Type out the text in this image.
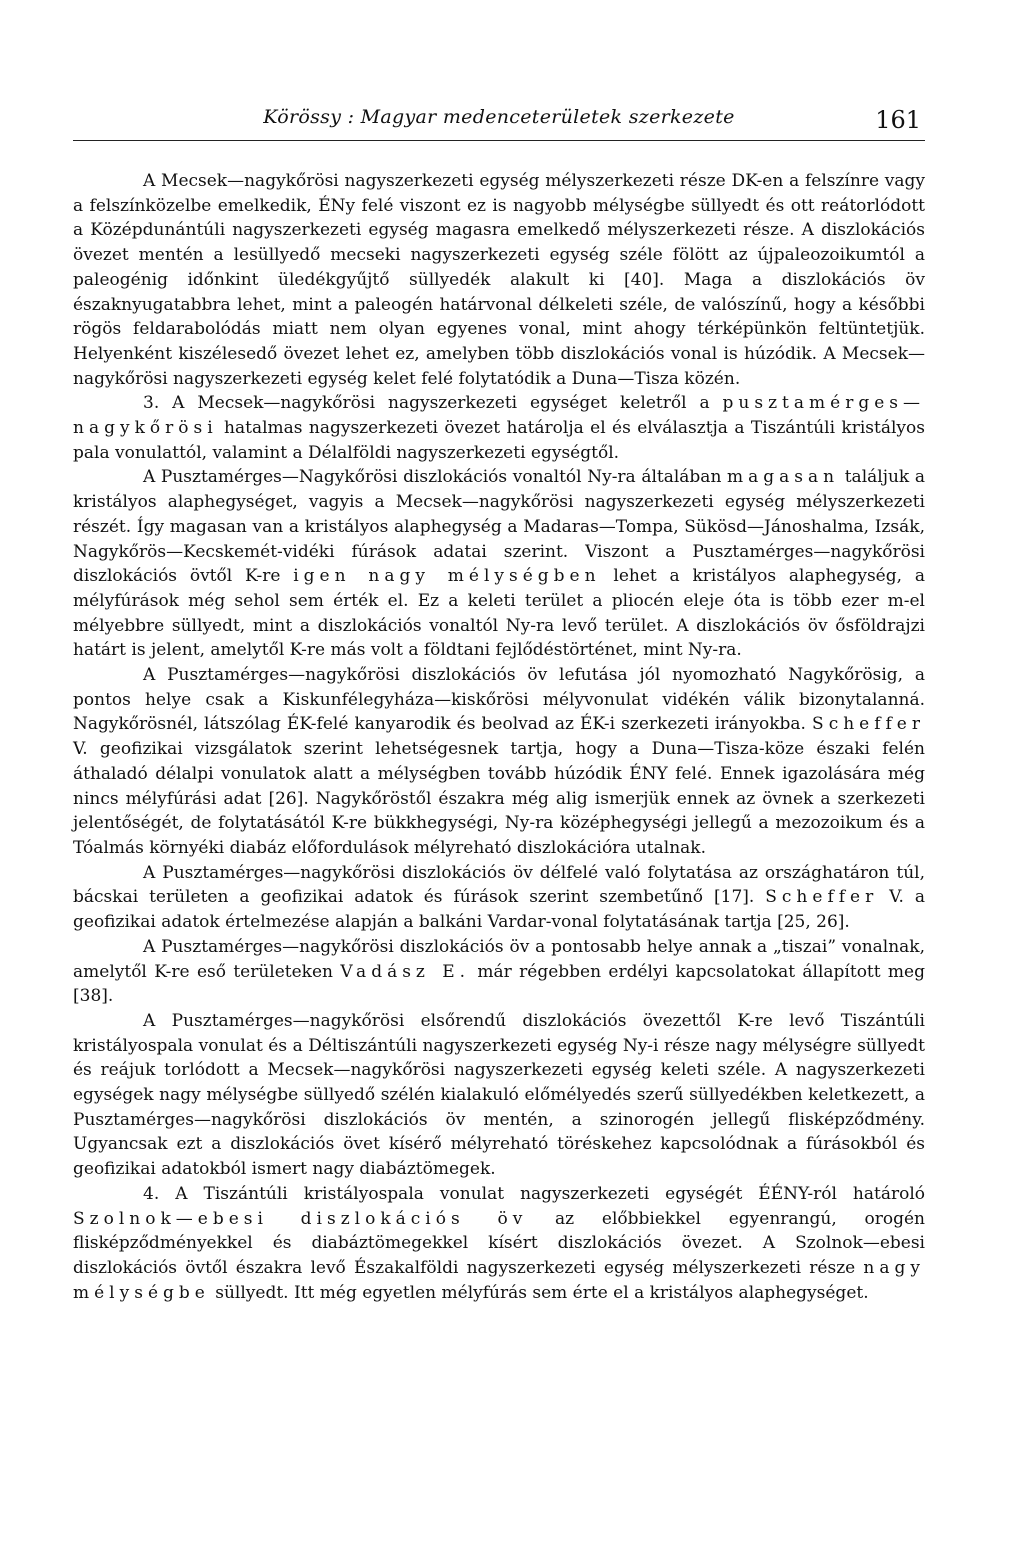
Körössy : Magyar medenceterületek szerkezete	161

A Mecsek—nagykőrösi nagyszerkezeti egység mélyszerkezeti része DK-en a felszínre vagy a felszínközelbe emelkedik, ÉNy felé viszont ez is nagyobb mélységbe süllyedt és ott reátorlódott a Középdunántúli nagyszerkezeti egység magasra emelkedő mélyszerkezeti része. A diszlokációs övezet mentén a lesüllyedő mecseki nagyszerkezeti egység széle fölött az újpaleozoikumtól a paleogénig időnkint üledékgyűjtő süllyedék alakult ki [40]. Maga a diszlokációs öv északnyugatabbra lehet, mint a paleogén határvonal délkeleti széle, de valószínű, hogy a későbbi rögös feldarabolódás miatt nem olyan egyenes vonal, mint ahogy térképünkön feltüntetjük. Helyenként kiszélesedő övezet lehet ez, amelyben több diszlokációs vonal is húzódik. A Mecsek—nagykőrösi nagyszerkezeti egység kelet felé folytatódik a Duna—Tisza közén.

3. A Mecsek—nagykőrösi nagyszerkezeti egységet keletről a pusztamérges—nagykőrösi hatalmas nagyszerkezeti övezet határolja el és elválasztja a Tiszántúli kristályos pala vonulattól, valamint a Délalföldi nagyszerkezeti egységtől.

A Pusztamérges—Nagykőrösi diszlokációs vonaltól Ny-ra általában magasan találjuk a kristályos alaphegységet, vagyis a Mecsek—nagykőrösi nagyszerkezeti egység mélyszerkezeti részét. Így magasan van a kristályos alaphegység a Madaras—Tompa, Sükösd—Jánoshalma, Izsák, Nagykőrös—Kecskemét-vidéki fúrások adatai szerint. Viszont a Pusztamérges—nagykőrösi diszlokációs övtől K-re igen nagy mélységben lehet a kristályos alaphegység, a mélyfúrások még sehol sem érték el. Ez a keleti terület a pliocén eleje óta is több ezer m-el mélyebbre süllyedt, mint a diszlokációs vonaltól Ny-ra levő terület. A diszlokációs öv ősföldrajzi határt is jelent, amelytől K-re más volt a földtani fejlődéstörténet, mint Ny-ra.

A Pusztamérges—nagykőrösi diszlokációs öv lefutása jól nyomozható Nagykőrösig, a pontos helye csak a Kiskunfélegyháza—kiskőrösi mélyvonulat vidékén válik bizonytalanná. Nagykőrösnél, látszólag ÉK-felé kanyarodik és beolvad az ÉK-i szerkezeti irányokba. Scheffer V. geofizikai vizsgálatok szerint lehetségesnek tartja, hogy a Duna—Tisza-köze északi felén áthaladó délalpi vonulatok alatt a mélységben tovább húzódik ÉNY felé. Ennek igazolására még nincs mélyfúrási adat [26]. Nagykőröstől északra még alig ismerjük ennek az övnek a szerkezeti jelentőségét, de folytatásától K-re bükkhegységi, Ny-ra középhegységi jellegű a mezozoikum és a Tóalmás környéki diabáz előfordulások mélyreható diszlokációra utalnak.

A Pusztamérges—nagykőrösi diszlokációs öv délfelé való folytatása az országhatáron túl, bácskai területen a geofizikai adatok és fúrások szerint szembetűnő [17]. Scheffer V. a geofizikai adatok értelmezése alapján a balkáni Vardar-vonal folytatásának tartja [25, 26].

A Pusztamérges—nagykőrösi diszlokációs öv a pontosabb helye annak a „tiszai” vonalnak, amelytől K-re eső területeken Vadász E. már régebben erdélyi kapcsolatokat állapított meg [38].

A Pusztamérges—nagykőrösi elsőrendű diszlokációs övezettől K-re levő Tiszántúli kristályospala vonulat és a Déltiszántúli nagyszerkezeti egység Ny-i része nagy mélységre süllyedt és reájuk torlódott a Mecsek—nagykőrösi nagyszerkezeti egység keleti széle. A nagyszerkezeti egységek nagy mélységbe süllyedő szélén kialakuló előmélyedés szerű süllyedékben keletkezett, a Pusztamérges—nagykőrösi diszlokációs öv mentén, a szinorogén jellegű flisképződmény. Ugyancsak ezt a diszlokációs övet kísérő mélyreható töréskehez kapcsolódnak a fúrásokból és geofizikai adatokból ismert nagy diabáztömegek.

4. A Tiszántúli kristályospala vonulat nagyszerkezeti egységét ÉÉNY-ról határoló Szolnok—ebesi diszlokációs öv az előbbiekkel egyenrangú, orogén flisképződményekkel és diabáztömegekkel kísért diszlokációs övezet. A Szolnok—ebesi diszlokációs övtől északra levő Északalföldi nagyszerkezeti egység mélyszerkezeti része nagy mélységbe süllyedt. Itt még egyetlen mélyfúrás sem érte el a kristályos alaphegységet.
